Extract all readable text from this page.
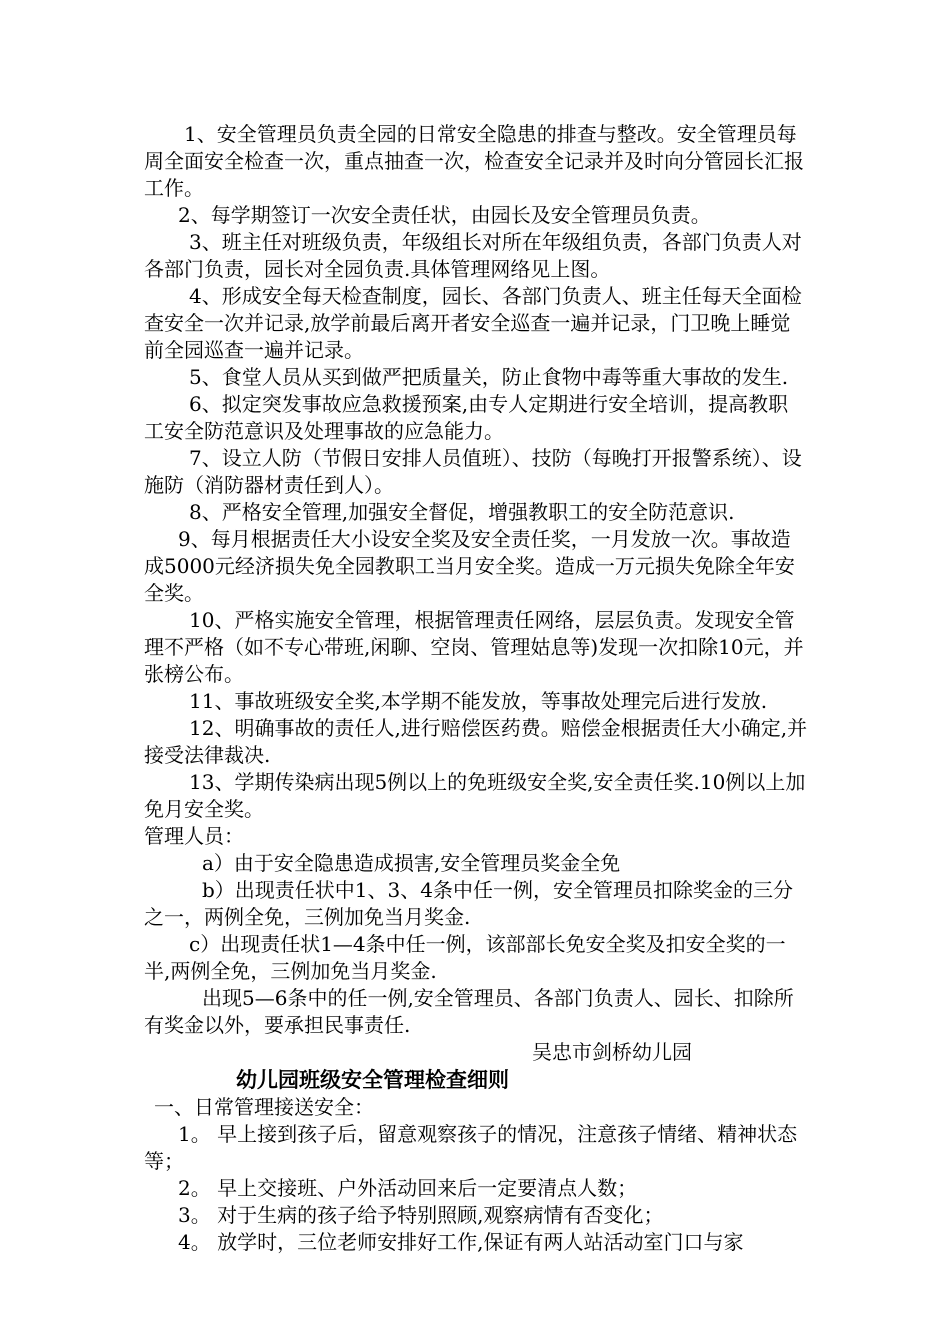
1、安全管理员负责全园的日常安全隐患的排查与整改。安全管理员每周全面安全检查一次，重点抽查一次，检查安全记录并及时向分管园长汇报工作。

2、每学期签订一次安全责任状，由园长及安全管理员负责。

3、班主任对班级负责，年级组长对所在年级组负责，各部门负责人对各部门负责，园长对全园负责.具体管理网络见上图。

4、形成安全每天检查制度，园长、各部门负责人、班主任每天全面检查安全一次并记录,放学前最后离开者安全巡查一遍并记录，门卫晚上睡觉前全园巡查一遍并记录。

5、食堂人员从买到做严把质量关，防止食物中毒等重大事故的发生.

6、拟定突发事故应急救援预案,由专人定期进行安全培训，提高教职工安全防范意识及处理事故的应急能力。

7、设立人防（节假日安排人员值班）、技防（每晚打开报警系统）、设施防（消防器材责任到人）。

8、严格安全管理,加强安全督促，增强教职工的安全防范意识.

9、每月根据责任大小设安全奖及安全责任奖，一月发放一次。事故造成5000元经济损失免全园教职工当月安全奖。造成一万元损失免除全年安全奖。

10、严格实施安全管理，根据管理责任网络，层层负责。发现安全管理不严格（如不专心带班,闲聊、空岗、管理姑息等)发现一次扣除10元，并张榜公布。

11、事故班级安全奖,本学期不能发放，等事故处理完后进行发放.

12、明确事故的责任人,进行赔偿医药费。赔偿金根据责任大小确定,并接受法律裁决.

13、学期传染病出现5例以上的免班级安全奖,安全责任奖.10例以上加免月安全奖。

管理人员：

a）由于安全隐患造成损害,安全管理员奖金全免

b）出现责任状中1、3、4条中任一例，安全管理员扣除奖金的三分之一，两例全免，三例加免当月奖金.

c）出现责任状1—4条中任一例，该部部长免安全奖及扣安全奖的一半,两例全免，三例加免当月奖金.

出现5—6条中的任一例,安全管理员、各部门负责人、园长、扣除所有奖金以外，要承担民事责任.

吴忠市剑桥幼儿园

幼儿园班级安全管理检查细则

一、日常管理接送安全：

1。 早上接到孩子后，留意观察孩子的情况，注意孩子情绪、精神状态等；

2。 早上交接班、户外活动回来后一定要清点人数；

3。 对于生病的孩子给予特别照顾,观察病情有否变化；

4。 放学时，三位老师安排好工作,保证有两人站活动室门口与家
